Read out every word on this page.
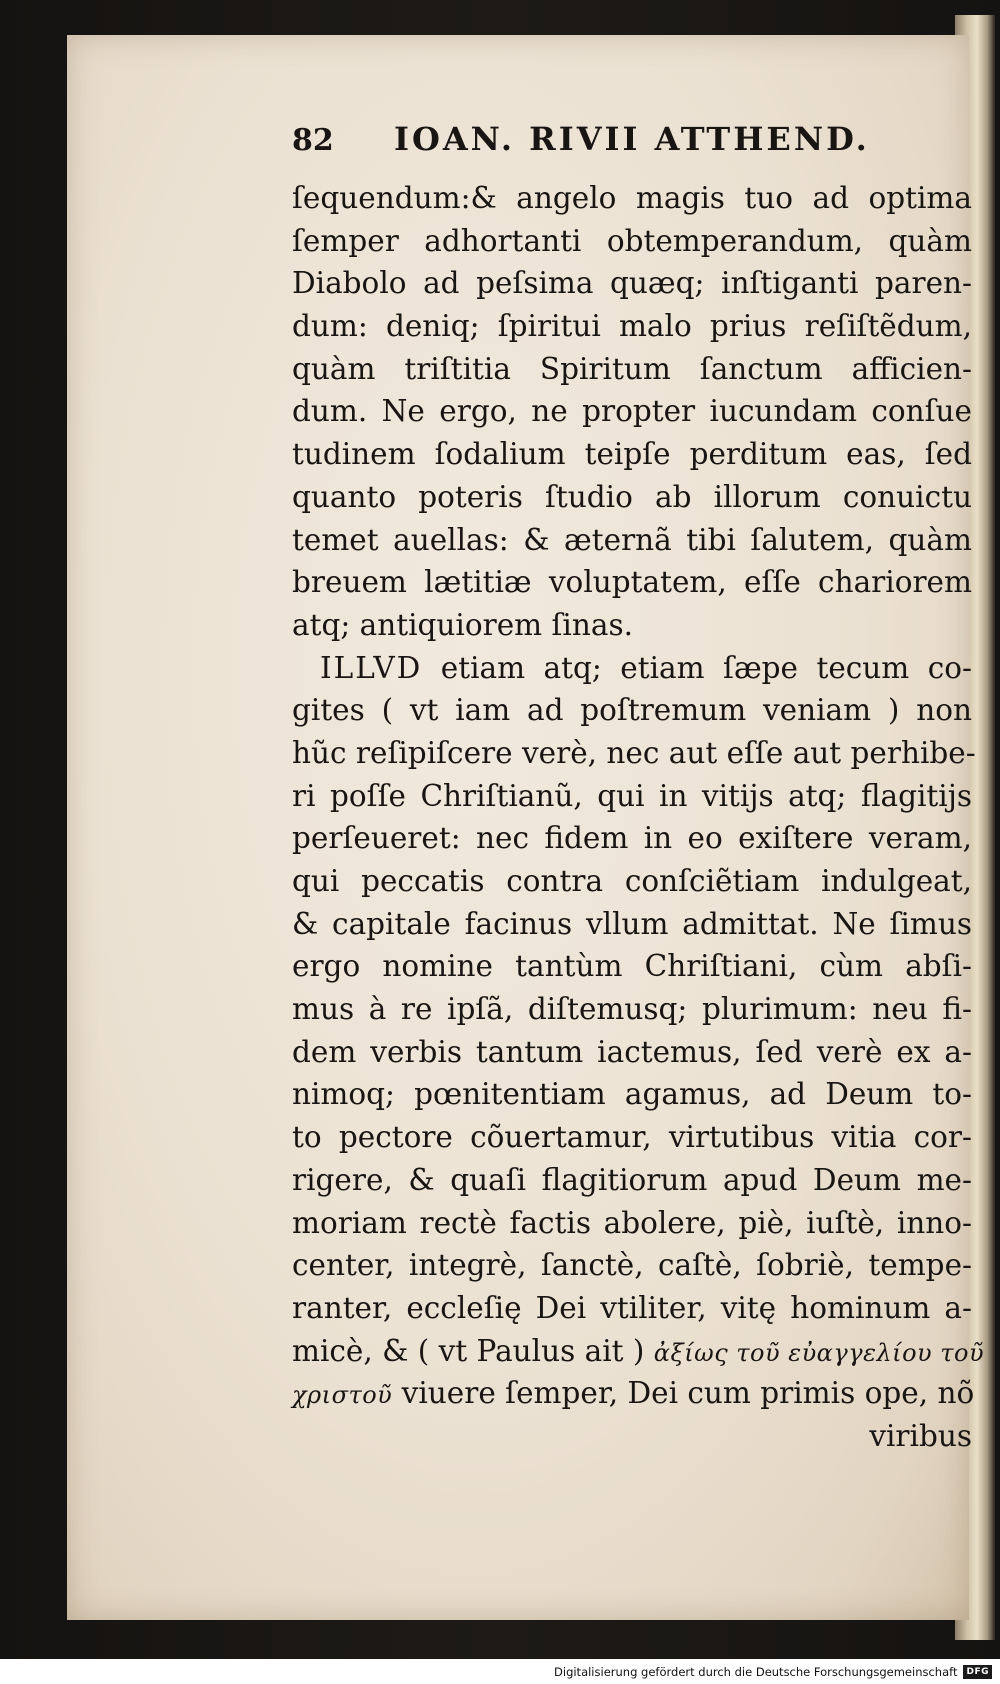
82	IOAN. RIVII ATTHEND.
ſequendum:& angelo magis tuo ad optima
ſemper adhortanti obtemperandum, quàm
Diabolo ad peſsima quæq; inſtiganti paren-
dum: deniq; ſpiritui malo prius reſiſtẽdum,
quàm triſtitia Spiritum ſanctum afficien-
dum. Ne ergo, ne propter iucundam conſue
tudinem ſodalium teipſe perditum eas, ſed
quanto poteris ſtudio ab illorum conuictu
temet auellas: & æternã tibi ſalutem, quàm
breuem lætitiæ voluptatem, eſſe chariorem
atq; antiquiorem ſinas.
ILLVD etiam atq; etiam ſæpe tecum co-
gites ( vt iam ad poſtremum veniam ) non
hũc reſipiſcere verè, nec aut eſſe aut perhibe-
ri poſſe Chriſtianũ, qui in vitijs atq; flagitijs
perſeueret: nec fidem in eo exiſtere veram,
qui peccatis contra conſciẽtiam indulgeat,
& capitale facinus vllum admittat. Ne ſimus
ergo nomine tantùm Chriſtiani, cùm abſi-
mus à re ipſã, diſtemusq; plurimum: neu fi-
dem verbis tantum iactemus, ſed verè ex a-
nimoq; pœnitentiam agamus, ad Deum to-
to pectore cõuertamur, virtutibus vitia cor-
rigere, & quaſi flagitiorum apud Deum me-
moriam rectè factis abolere, piè, iuſtè, inno-
center, integrè, ſanctè, caſtè, ſobriè, tempe-
ranter, eccleſię Dei vtiliter, vitę hominum a-
micè, & ( vt Paulus ait ) ἀξίως τοῦ εὐαγγελίου τοῦ
χριστοῦ viuere ſemper, Dei cum primis ope, nõ
viribus
Digitalisierung gefördert durch die Deutsche Forschungsgemeinschaft	DFG
